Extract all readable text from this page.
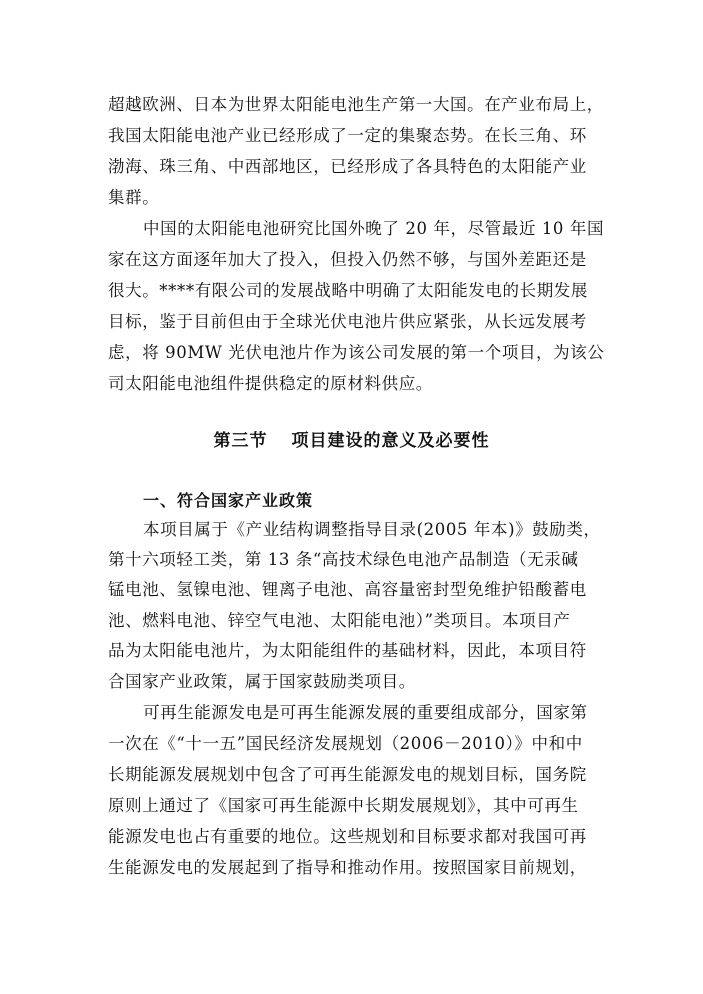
超越欧洲、日本为世界太阳能电池生产第一大国。在产业布局上，
我国太阳能电池产业已经形成了一定的集聚态势。在长三角、环
渤海、珠三角、中西部地区，已经形成了各具特色的太阳能产业
集群。
中国的太阳能电池研究比国外晚了 20 年，尽管最近 10 年国
家在这方面逐年加大了投入，但投入仍然不够，与国外差距还是
很大。****有限公司的发展战略中明确了太阳能发电的长期发展
目标，鉴于目前但由于全球光伏电池片供应紧张，从长远发展考
虑，将 90MW 光伏电池片作为该公司发展的第一个项目，为该公
司太阳能电池组件提供稳定的原材料供应。
第三节 项目建设的意义及必要性
一、符合国家产业政策
本项目属于《产业结构调整指导目录(2005 年本)》鼓励类，
第十六项轻工类，第 13 条“高技术绿色电池产品制造（无汞碱
锰电池、氢镍电池、锂离子电池、高容量密封型免维护铅酸蓄电
池、燃料电池、锌空气电池、太阳能电池）”类项目。本项目产
品为太阳能电池片，为太阳能组件的基础材料，因此，本项目符
合国家产业政策，属于国家鼓励类项目。
可再生能源发电是可再生能源发展的重要组成部分，国家第
一次在《“十一五”国民经济发展规划（2006－2010）》中和中
长期能源发展规划中包含了可再生能源发电的规划目标，国务院
原则上通过了《国家可再生能源中长期发展规划》，其中可再生
能源发电也占有重要的地位。这些规划和目标要求都对我国可再
生能源发电的发展起到了指导和推动作用。按照国家目前规划，
